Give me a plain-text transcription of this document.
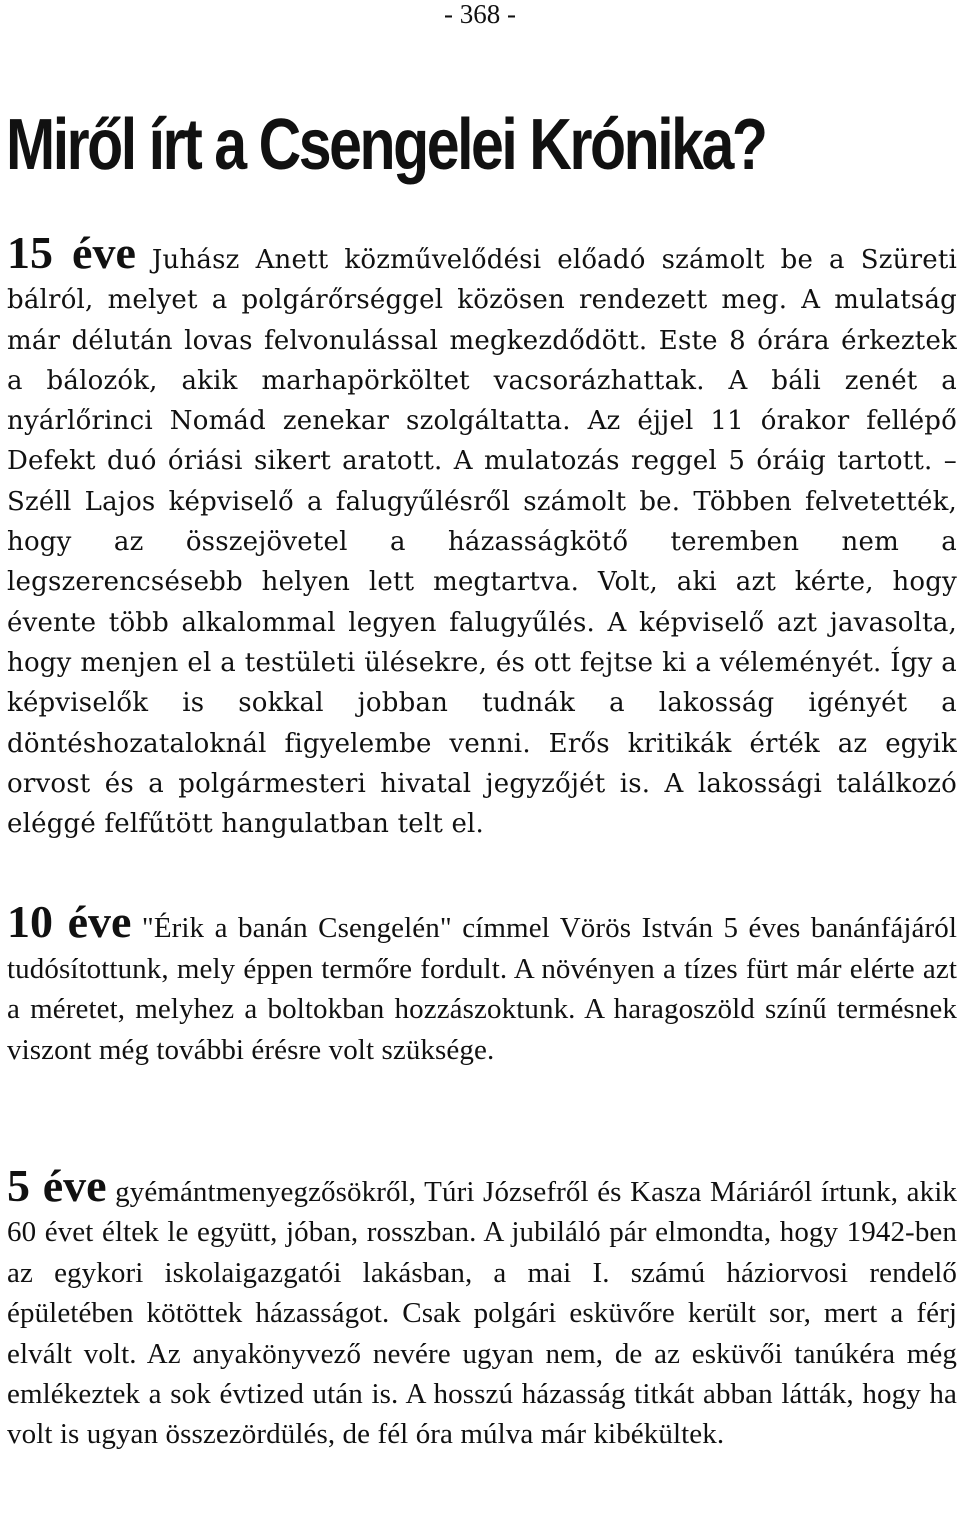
- 368 -
Miről írt a Csengelei Krónika?

15 éve Juhász Anett közművelődési előadó számolt be a Szüreti bálról, melyet a polgárőrséggel közösen rendezett meg. A mulatság már délután lovas felvonulással megkezdődött. Este 8 órára érkeztek a bálozók, akik marhapörköltet vacsorázhattak. A báli zenét a nyárlőrinci Nomád zenekar szolgáltatta. Az éjjel 11 órakor fellépő Defekt duó óriási sikert aratott. A mulatozás reggel 5 óráig tartott. – Széll Lajos képviselő a falugyűlésről számolt be. Többen felvetették, hogy az összejövetel a házasságkötő teremben nem a legszerencsésebb helyen lett megtartva. Volt, aki azt kérte, hogy évente több alkalommal legyen falugyűlés. A képviselő azt javasolta, hogy menjen el a testületi ülésekre, és ott fejtse ki a véleményét. Így a képviselők is sokkal jobban tudnák a lakosság igényét a döntéshozataloknál figyelembe venni. Erős kritikák érték az egyik orvost és a polgármesteri hivatal jegyzőjét is. A lakossági találkozó eléggé felfűtött hangulatban telt el.

10 éve "Érik a banán Csengelén" címmel Vörös István 5 éves banánfájáról tudósítottunk, mely éppen termőre fordult. A növényen a tízes fürt már elérte azt a méretet, melyhez a boltokban hozzászoktunk. A haragoszöld színű termésnek viszont még további érésre volt szüksége.

5 éve gyémántmenyegzősökről, Túri Józsefről és Kasza Máriáról írtunk, akik 60 évet éltek le együtt, jóban, rosszban. A jubiláló pár elmondta, hogy 1942-ben az egykori iskolaigazgatói lakásban, a mai I. számú háziorvosi rendelő épületében kötöttek házasságot. Csak polgári esküvőre került sor, mert a férj elvált volt. Az anyakönyvező nevére ugyan nem, de az esküvői tanúkéra még emlékeztek a sok évtized után is. A hosszú házasság titkát abban látták, hogy ha volt is ugyan összezördülés, de fél óra múlva már kibékültek.
